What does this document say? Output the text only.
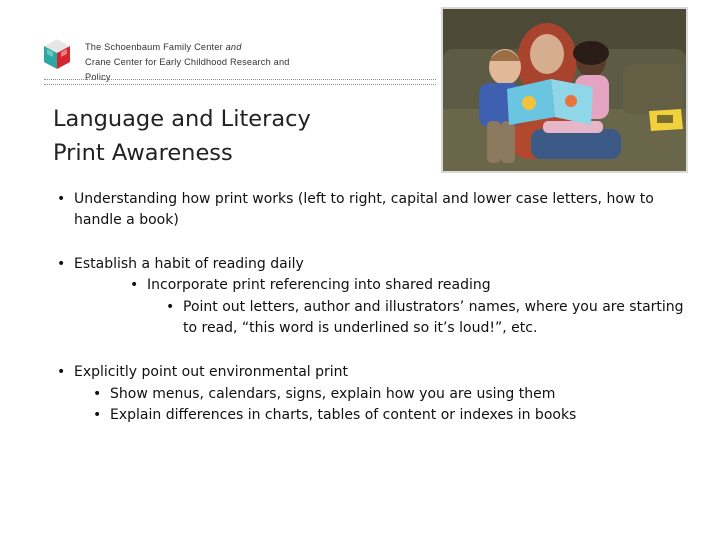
The Schoenbaum Family Center and
Crane Center for Early Childhood Research and
Policy
Language and Literacy
Print Awareness
• Understanding how print works (left to right, capital and lower case letters, how to
handle a book)
• Establish a habit of reading daily
• Incorporate print referencing into shared reading
• Point out letters, author and illustrators’ names, where you are starting
to read, “this word is underlined so it’s loud!”, etc.
• Explicitly point out environmental print
• Show menus, calendars, signs, explain how you are using them
• Explain differences in charts, tables of content or indexes in books
